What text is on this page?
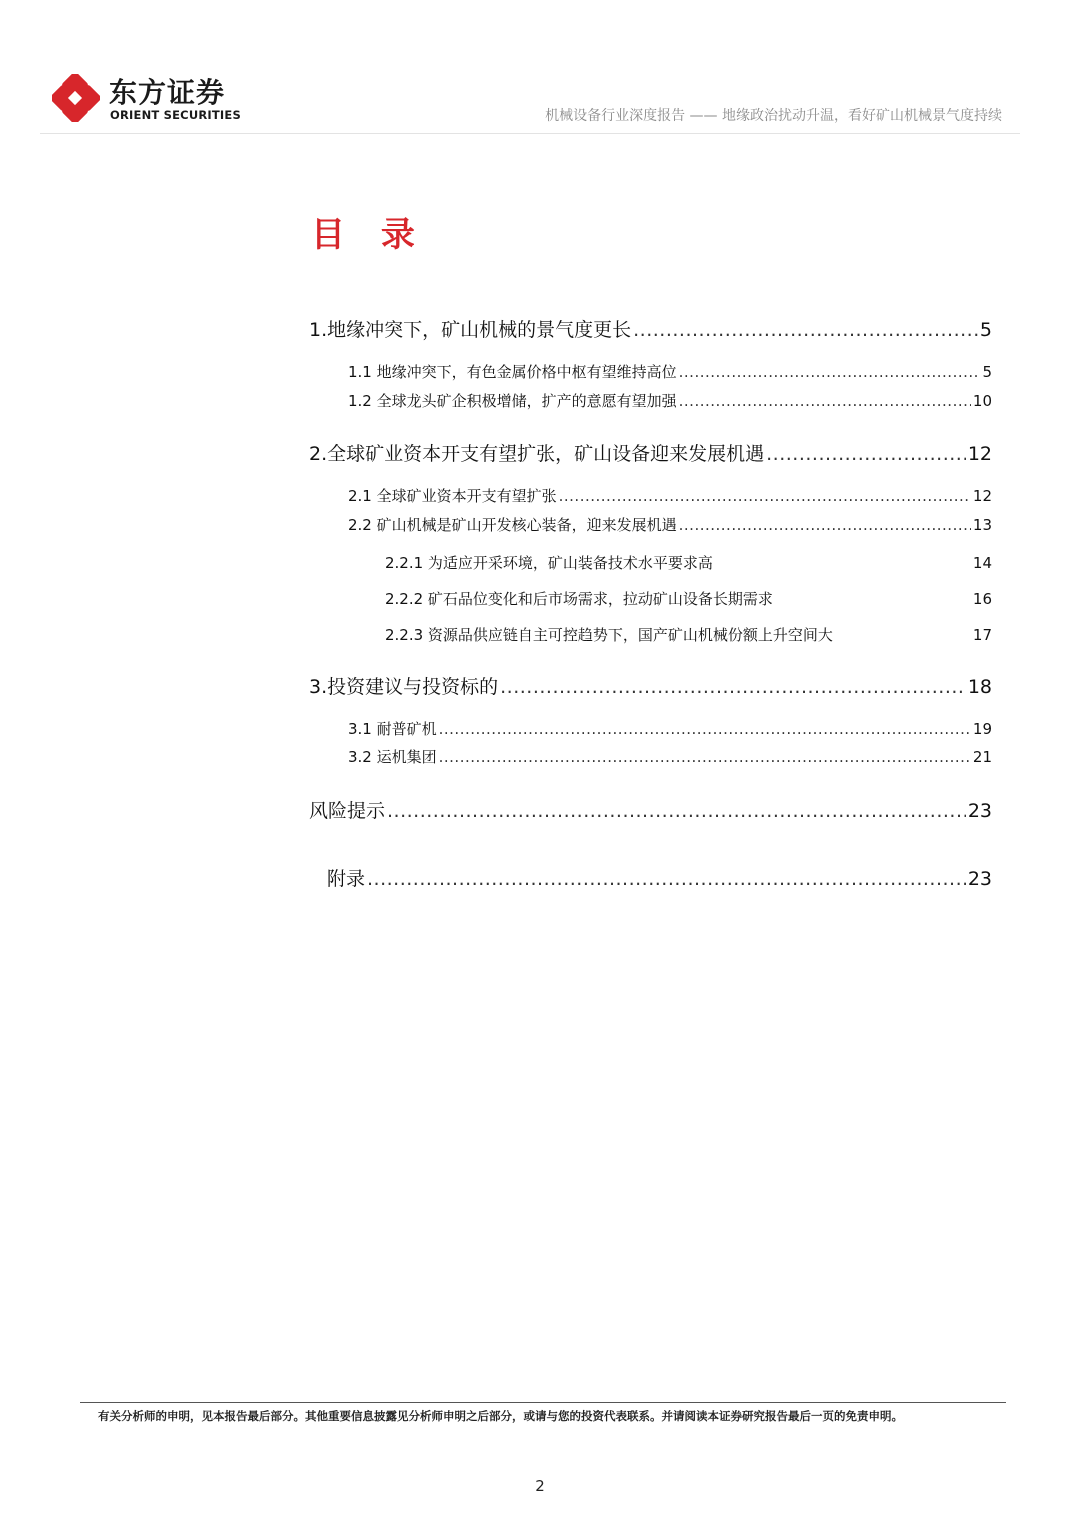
东方证券
ORIENT SECURITIES	机械设备行业深度报告 —— 地缘政治扰动升温，看好矿山机械景气度持续
目 录
1.地缘冲突下，矿山机械的景气度更长 .....	5
1.1 地缘冲突下，有色金属价格中枢有望维持高位 .....	5
1.2 全球龙头矿企积极增储，扩产的意愿有望加强 .....	10
2.全球矿业资本开支有望扩张，矿山设备迎来发展机遇 .....	12
2.1 全球矿业资本开支有望扩张 .....	12
2.2 矿山机械是矿山开发核心装备，迎来发展机遇 .....	13
2.2.1 为适应开采环境，矿山装备技术水平要求高	14
2.2.2 矿石品位变化和后市场需求，拉动矿山设备长期需求	16
2.2.3 资源品供应链自主可控趋势下，国产矿山机械份额上升空间大	17
3.投资建议与投资标的 .....	18
3.1 耐普矿机 .....	19
3.2 运机集团 .....	21
风险提示 .....	23
附录 .....	23
有关分析师的申明，见本报告最后部分。其他重要信息披露见分析师申明之后部分，或请与您的投资代表联系。并请阅读本证券研究报告最后一页的免责申明。
2
